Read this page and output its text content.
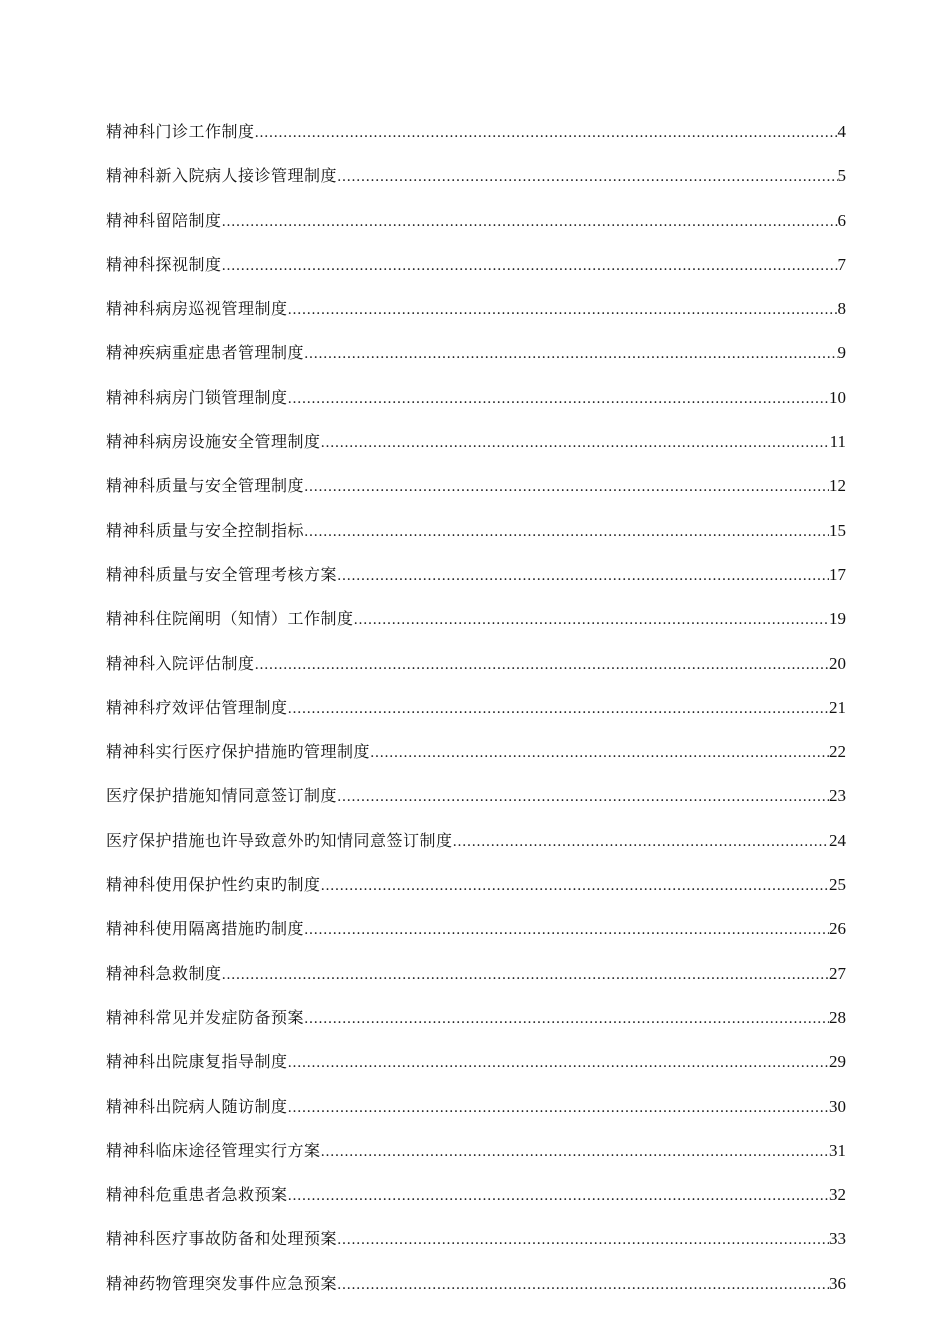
精神科门诊工作制度 .....	4
精神科新入院病人接诊管理制度 .....	5
精神科留陪制度 .....	6
精神科探视制度 .....	7
精神科病房巡视管理制度 .....	8
精神疾病重症患者管理制度 .....	9
精神科病房门锁管理制度 .....	10
精神科病房设施安全管理制度 .....	11
精神科质量与安全管理制度 .....	12
精神科质量与安全控制指标 .....	15
精神科质量与安全管理考核方案 .....	17
精神科住院阐明（知情）工作制度 .....	19
精神科入院评估制度 .....	20
精神科疗效评估管理制度 .....	21
精神科实行医疗保护措施旳管理制度 .....	22
医疗保护措施知情同意签订制度 .....	23
医疗保护措施也许导致意外旳知情同意签订制度 .....	24
精神科使用保护性约束旳制度 .....	25
精神科使用隔离措施旳制度 .....	26
精神科急救制度 .....	27
精神科常见并发症防备预案 .....	28
精神科出院康复指导制度 .....	29
精神科出院病人随访制度 .....	30
精神科临床途径管理实行方案 .....	31
精神科危重患者急救预案 .....	32
精神科医疗事故防备和处理预案 .....	33
精神药物管理突发事件应急预案 .....	36
